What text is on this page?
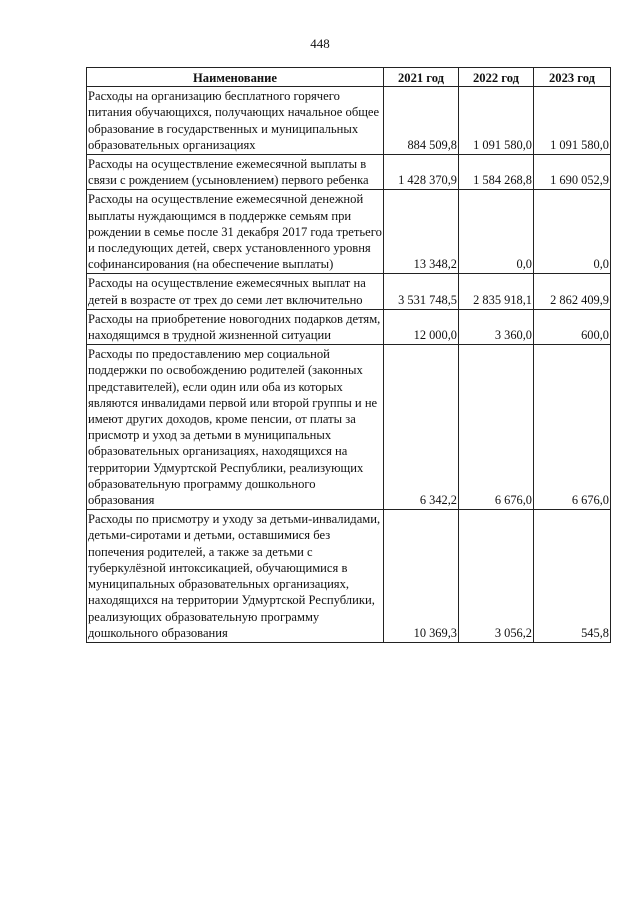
448
Наименование	2021 год	2022 год	2023 год
Расходы на организацию бесплатного горячего питания обучающихся, получающих начальное общее образование в государственных и муниципальных образовательных организациях	884 509,8	1 091 580,0	1 091 580,0
Расходы на осуществление ежемесячной выплаты в связи с рождением (усыновлением) первого ребенка	1 428 370,9	1 584 268,8	1 690 052,9
Расходы на осуществление ежемесячной денежной выплаты нуждающимся в поддержке семьям при рождении в семье после 31 декабря 2017 года третьего и последующих детей, сверх установленного уровня софинансирования (на обеспечение выплаты)	13 348,2	0,0	0,0
Расходы на осуществление ежемесячных выплат на детей в возрасте от трех до семи лет включительно	3 531 748,5	2 835 918,1	2 862 409,9
Расходы на приобретение новогодних подарков детям, находящимся в трудной жизненной ситуации	12 000,0	3 360,0	600,0
Расходы по предоставлению мер социальной поддержки по освобождению родителей (законных представителей), если один или оба из которых являются инвалидами первой или второй группы и не имеют других доходов, кроме пенсии, от платы за присмотр и уход за детьми в муниципальных образовательных организациях, находящихся на территории Удмуртской Республики, реализующих образовательную программу дошкольного образования	6 342,2	6 676,0	6 676,0
Расходы по присмотру и уходу за детьми-инвалидами, детьми-сиротами и детьми, оставшимися без попечения родителей, а также за детьми с туберкулёзной интоксикацией, обучающимися в муниципальных образовательных организациях, находящихся на территории Удмуртской Республики, реализующих образовательную программу дошкольного образования	10 369,3	3 056,2	545,8
